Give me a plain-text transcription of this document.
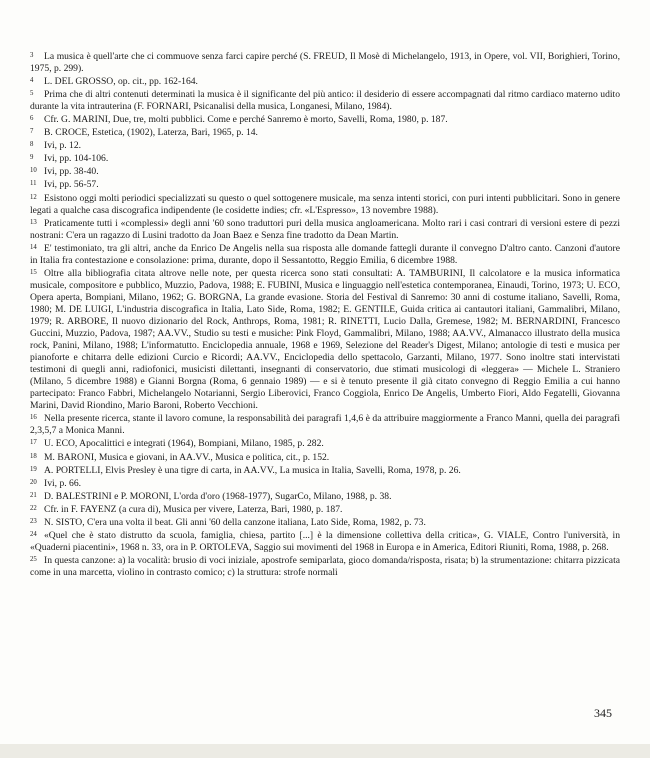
3 La musica è quell'arte che ci commuove senza farci capire perché (S. FREUD, Il Mosè di Michelangelo, 1913, in Opere, vol. VII, Borighieri, Torino, 1975, p. 299).

4 L. DEL GROSSO, op. cit., pp. 162-164.

5 Prima che di altri contenuti determinati la musica è il significante del più antico: il desiderio di essere accompagnati dal ritmo cardiaco materno udito durante la vita intrauterina (F. FORNARI, Psicanalisi della musica, Longanesi, Milano, 1984).

6 Cfr. G. MARINI, Due, tre, molti pubblici. Come e perché Sanremo è morto, Savelli, Roma, 1980, p. 187.

7 B. CROCE, Estetica, (1902), Laterza, Bari, 1965, p. 14.

8 Ivi, p. 12.

9 Ivi, pp. 104-106.

10 Ivi, pp. 38-40.

11 Ivi, pp. 56-57.

12 Esistono oggi molti periodici specializzati su questo o quel sottogenere musicale, ma senza intenti storici, con puri intenti pubblicitari. Sono in genere legati a qualche casa discografica indipendente (le cosidette indies; cfr. «L'Espresso», 13 novembre 1988).

13 Praticamente tutti i «complessi» degli anni '60 sono traduttori puri della musica angloamericana. Molto rari i casi contrari di versioni estere di pezzi nostrani: C'era un ragazzo di Lusini tradotto da Joan Baez e Senza fine tradotto da Dean Martin.

14 E' testimoniato, tra gli altri, anche da Enrico De Angelis nella sua risposta alle domande fattegli durante il convegno D'altro canto. Canzoni d'autore in Italia fra contestazione e consolazione: prima, durante, dopo il Sessantotto, Reggio Emilia, 6 dicembre 1988.

15 Oltre alla bibliografia citata altrove nelle note, per questa ricerca sono stati consultati: A. TAMBURINI, Il calcolatore e la musica informatica musicale, compositore e pubblico, Muzzio, Padova, 1988; E. FUBINI, Musica e linguaggio nell'estetica contemporanea, Einaudi, Torino, 1973; U. ECO, Opera aperta, Bompiani, Milano, 1962; G. BORGNA, La grande evasione. Storia del Festival di Sanremo: 30 anni di costume italiano, Savelli, Roma, 1980; M. DE LUIGI, L'industria discografica in Italia, Lato Side, Roma, 1982; E. GENTILE, Guida critica ai cantautori italiani, Gammalibri, Milano, 1979; R. ARBORE, Il nuovo dizionario del Rock, Anthrops, Roma, 1981; R. RINETTI, Lucio Dalla, Gremese, 1982; M. BERNARDINI, Francesco Guccini, Muzzio, Padova, 1987; AA.VV., Studio su testi e musiche: Pink Floyd, Gammalibri, Milano, 1988; AA.VV., Almanacco illustrato della musica rock, Panini, Milano, 1988; L'informatutto. Enciclopedia annuale, 1968 e 1969, Selezione del Reader's Digest, Milano; antologie di testi e musica per pianoforte e chitarra delle edizioni Curcio e Ricordi; AA.VV., Enciclopedia dello spettacolo, Garzanti, Milano, 1977. Sono inoltre stati intervistati testimoni di quegli anni, radiofonici, musicisti dilettanti, insegnanti di conservatorio, due stimati musicologi di «leggera» — Michele L. Straniero (Milano, 5 dicembre 1988) e Gianni Borgna (Roma, 6 gennaio 1989) — e si è tenuto presente il già citato convegno di Reggio Emilia a cui hanno partecipato: Franco Fabbri, Michelangelo Notarianni, Sergio Liberovici, Franco Coggiola, Enrico De Angelis, Umberto Fiori, Aldo Fegatelli, Giovanna Marini, David Riondino, Mario Baroni, Roberto Vecchioni.

16 Nella presente ricerca, stante il lavoro comune, la responsabilità dei paragrafi 1,4,6 è da attribuire maggiormente a Franco Manni, quella dei paragrafi 2,3,5,7 a Monica Manni.

17 U. ECO, Apocalittici e integrati (1964), Bompiani, Milano, 1985, p. 282.

18 M. BARONI, Musica e giovani, in AA.VV., Musica e politica, cit., p. 152.

19 A. PORTELLI, Elvis Presley è una tigre di carta, in AA.VV., La musica in Italia, Savelli, Roma, 1978, p. 26.

20 Ivi, p. 66.

21 D. BALESTRINI e P. MORONI, L'orda d'oro (1968-1977), SugarCo, Milano, 1988, p. 38.

22 Cfr. in F. FAYENZ (a cura di), Musica per vivere, Laterza, Bari, 1980, p. 187.

23 N. SISTO, C'era una volta il beat. Gli anni '60 della canzone italiana, Lato Side, Roma, 1982, p. 73.

24 «Quel che è stato distrutto da scuola, famiglia, chiesa, partito [...] è la dimensione collettiva della critica», G. VIALE, Contro l'università, in «Quaderni piacentini», 1968 n. 33, ora in P. ORTOLEVA, Saggio sui movimenti del 1968 in Europa e in America, Editori Riuniti, Roma, 1988, p. 268.

25 In questa canzone: a) la vocalità: brusio di voci iniziale, apostrofe semiparlata, gioco domanda/risposta, risata; b) la strumentazione: chitarra pizzicata come in una marcetta, violino in contrasto comico; c) la struttura: strofe normali

345
